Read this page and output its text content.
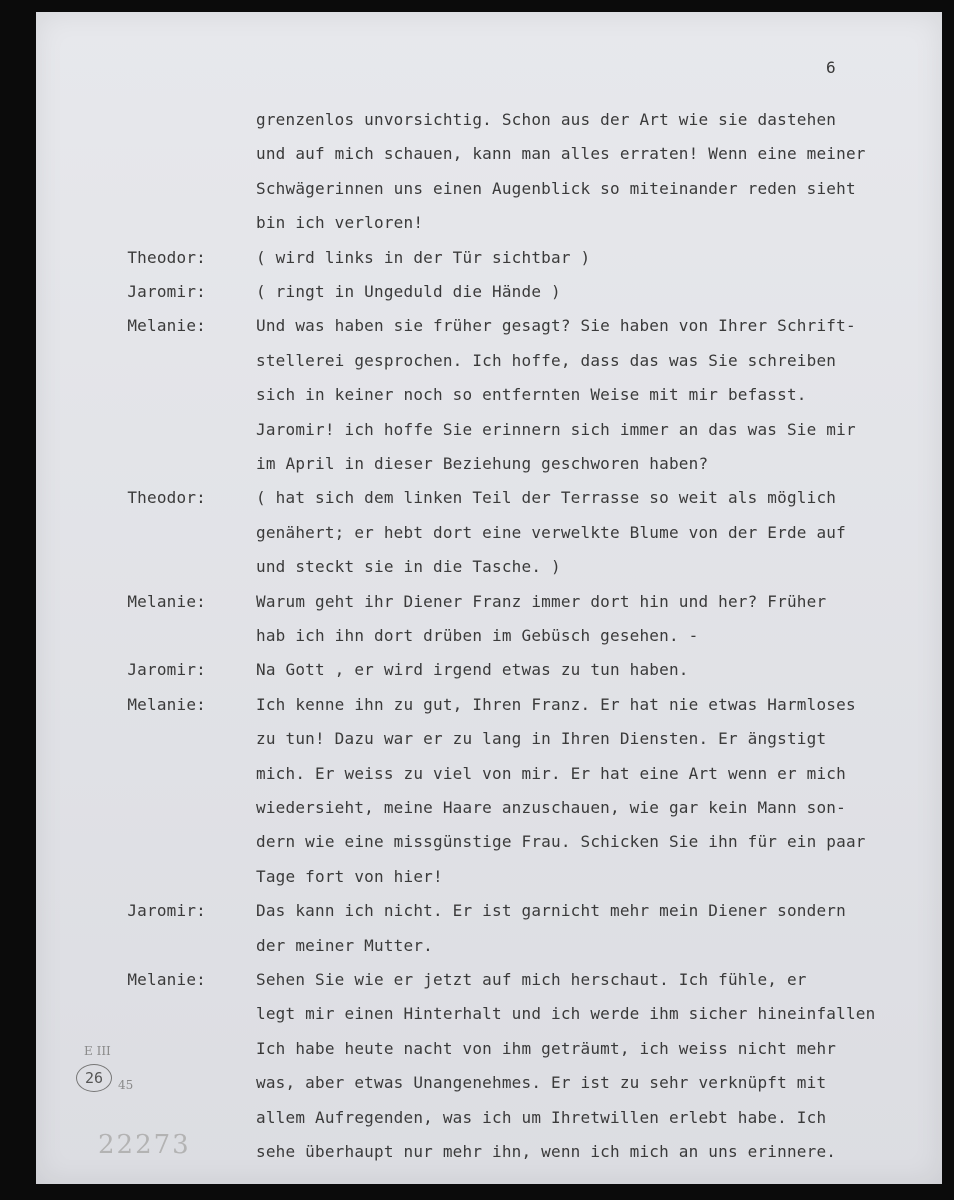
6
grenzenlos unvorsichtig. Schon aus der Art wie sie dastehen
und auf mich schauen, kann man alles erraten! Wenn eine meiner
Schwägerinnen uns einen Augenblick so miteinander reden sieht
bin ich verloren!
Theodor:	( wird links in der Tür sichtbar )
Jaromir:	( ringt in Ungeduld die Hände )
Melanie:	Und was haben sie früher gesagt? Sie haben von Ihrer Schrift-
stellerei gesprochen. Ich hoffe, dass das was Sie schreiben
sich in keiner noch so entfernten Weise mit mir befasst.
Jaromir! ich hoffe Sie erinnern sich immer an das was Sie mir
im April in dieser Beziehung geschworen haben?
Theodor:	( hat sich dem linken Teil der Terrasse so weit als möglich
genähert; er hebt dort eine verwelkte Blume von der Erde auf
und steckt sie in die Tasche. )
Melanie:	Warum geht ihr Diener Franz immer dort hin und her? Früher
hab ich ihn dort drüben im Gebüsch gesehen. -
Jaromir:	Na Gott , er wird irgend etwas zu tun haben.
Melanie:	Ich kenne ihn zu gut, Ihren Franz. Er hat nie etwas Harmloses
zu tun! Dazu war er zu lang in Ihren Diensten. Er ängstigt
mich. Er weiss zu viel von mir. Er hat eine Art wenn er mich
wiedersieht, meine Haare anzuschauen, wie gar kein Mann son-
dern wie eine missgünstige Frau. Schicken Sie ihn für ein paar
Tage fort von hier!
Jaromir:	Das kann ich nicht. Er ist garnicht mehr mein Diener sondern
der meiner Mutter.
Melanie:	Sehen Sie wie er jetzt auf mich herschaut. Ich fühle, er
legt mir einen Hinterhalt und ich werde ihm sicher hineinfallen
Ich habe heute nacht von ihm geträumt, ich weiss nicht mehr
was, aber etwas Unangenehmes. Er ist zu sehr verknüpft mit
allem Aufregenden, was ich um Ihretwillen erlebt habe. Ich
sehe überhaupt nur mehr ihn, wenn ich mich an uns erinnere.
E III
26	45
22273
